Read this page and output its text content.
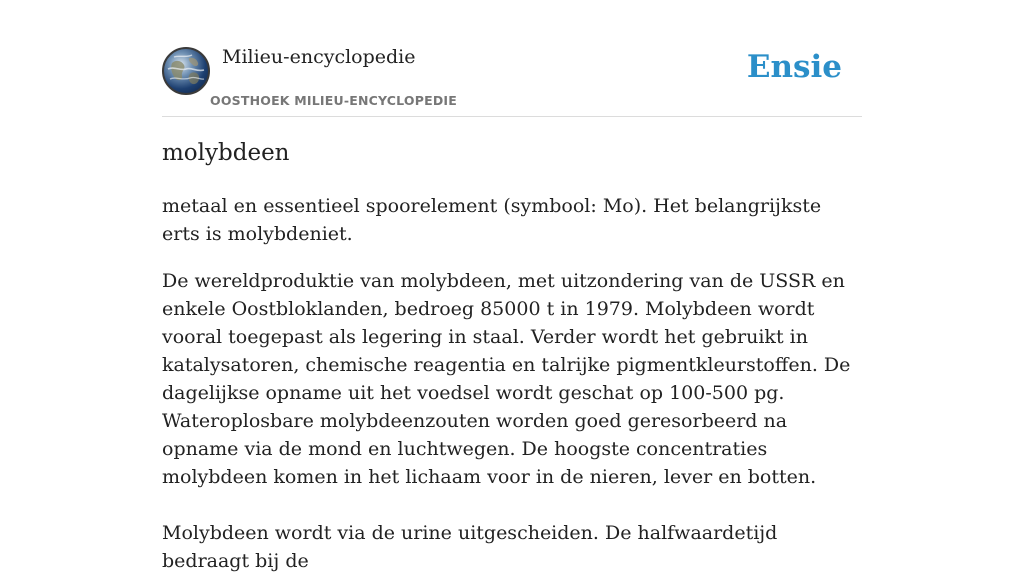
Milieu-encyclopedie
OOSTHOEK MILIEU-ENCYCLOPEDIE
Ensie
molybdeen

metaal en essentieel spoorelement (symbool: Mo). Het belangrijkste erts is molybdeniet.

De wereldproduktie van molybdeen, met uitzondering van de USSR en enkele Oostbloklanden, bedroeg 85000 t in 1979. Molybdeen wordt vooral toegepast als legering in staal. Verder wordt het gebruikt in katalysatoren, chemische reagentia en talrijke pigmentkleurstoffen. De dagelijkse opname uit het voedsel wordt geschat op 100-500 pg. Wateroplosbare molybdeenzouten worden goed geresorbeerd na opname via de mond en luchtwegen. De hoogste concentraties molybdeen komen in het lichaam voor in de nieren, lever en botten.

Molybdeen wordt via de urine uitgescheiden. De halfwaardetijd bedraagt bij de
